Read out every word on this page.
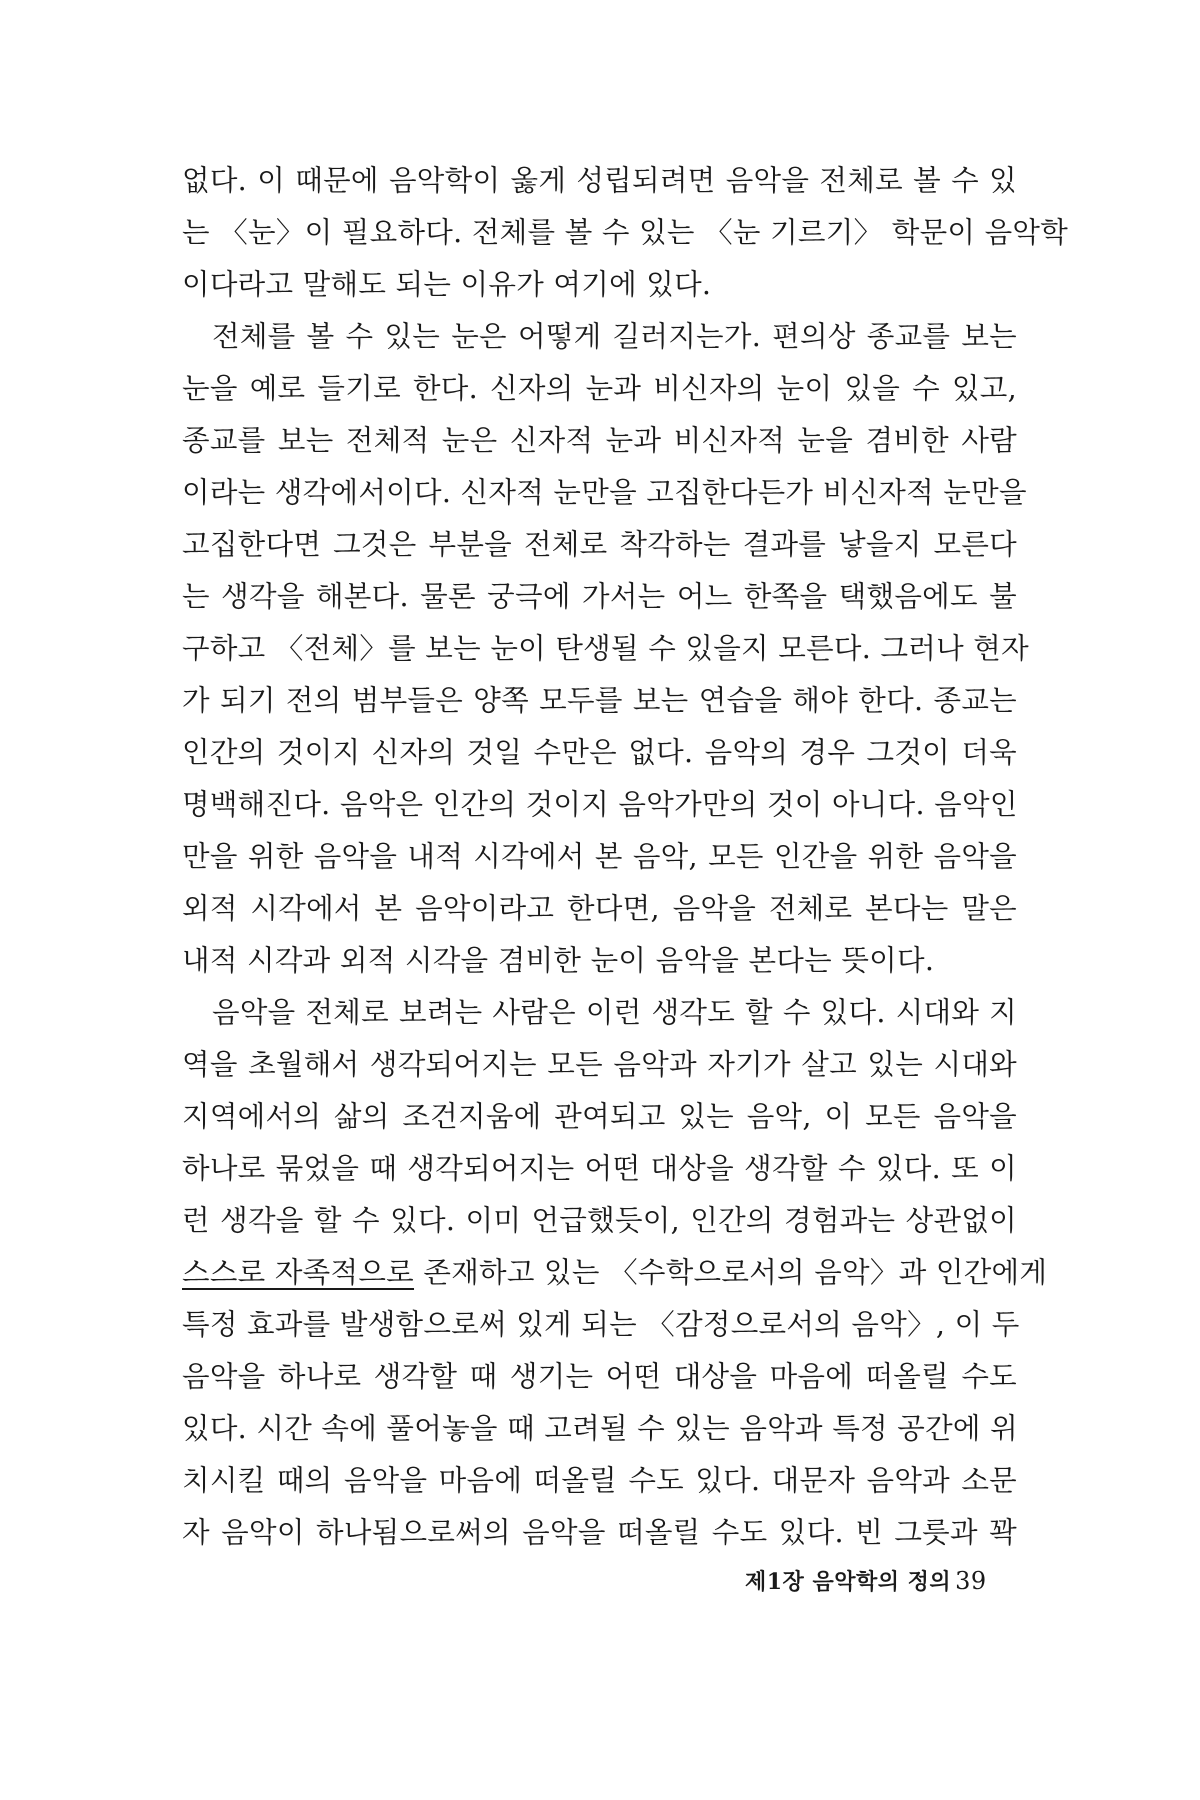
없다. 이 때문에 음악학이 옳게 성립되려면 음악을 전체로 볼 수 있
는 〈눈〉이 필요하다. 전체를 볼 수 있는 〈눈 기르기〉 학문이 음악학
이다라고 말해도 되는 이유가 여기에 있다.
전체를 볼 수 있는 눈은 어떻게 길러지는가. 편의상 종교를 보는
눈을 예로 들기로 한다. 신자의 눈과 비신자의 눈이 있을 수 있고,
종교를 보는 전체적 눈은 신자적 눈과 비신자적 눈을 겸비한 사람
이라는 생각에서이다. 신자적 눈만을 고집한다든가 비신자적 눈만을
고집한다면 그것은 부분을 전체로 착각하는 결과를 낳을지 모른다
는 생각을 해본다. 물론 궁극에 가서는 어느 한쪽을 택했음에도 불
구하고 〈전체〉를 보는 눈이 탄생될 수 있을지 모른다. 그러나 현자
가 되기 전의 범부들은 양쪽 모두를 보는 연습을 해야 한다. 종교는
인간의 것이지 신자의 것일 수만은 없다. 음악의 경우 그것이 더욱
명백해진다. 음악은 인간의 것이지 음악가만의 것이 아니다. 음악인
만을 위한 음악을 내적 시각에서 본 음악, 모든 인간을 위한 음악을
외적 시각에서 본 음악이라고 한다면, 음악을 전체로 본다는 말은
내적 시각과 외적 시각을 겸비한 눈이 음악을 본다는 뜻이다.
음악을 전체로 보려는 사람은 이런 생각도 할 수 있다. 시대와 지
역을 초월해서 생각되어지는 모든 음악과 자기가 살고 있는 시대와
지역에서의 삶의 조건지움에 관여되고 있는 음악, 이 모든 음악을
하나로 묶었을 때 생각되어지는 어떤 대상을 생각할 수 있다. 또 이
런 생각을 할 수 있다. 이미 언급했듯이, 인간의 경험과는 상관없이
스스로 자족적으로 존재하고 있는 〈수학으로서의 음악〉과 인간에게
특정 효과를 발생함으로써 있게 되는 〈감정으로서의 음악〉, 이 두
음악을 하나로 생각할 때 생기는 어떤 대상을 마음에 떠올릴 수도
있다. 시간 속에 풀어놓을 때 고려될 수 있는 음악과 특정 공간에 위
치시킬 때의 음악을 마음에 떠올릴 수도 있다. 대문자 음악과 소문
자 음악이 하나됨으로써의 음악을 떠올릴 수도 있다. 빈 그릇과 꽉
제1장 음악학의 정의 39
